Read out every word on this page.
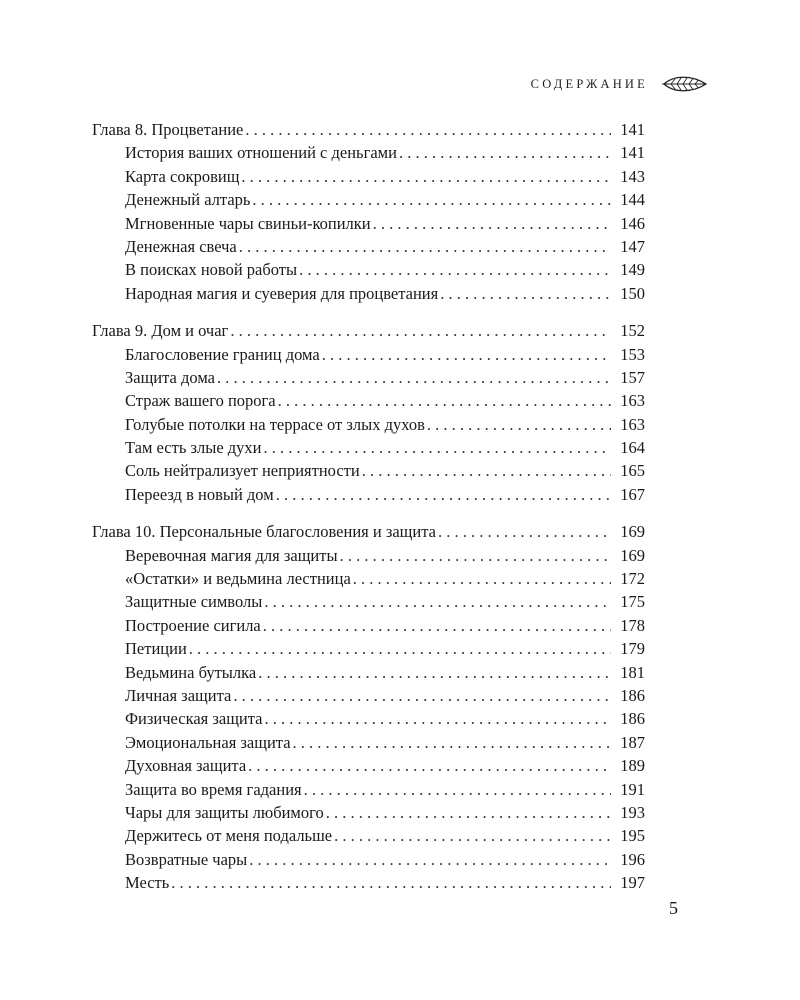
СОДЕРЖАНИЕ
Глава 8. Процветание . . .	141
История ваших отношений с деньгами . . .	141
Карта сокровищ . . .	143
Денежный алтарь . . .	144
Мгновенные чары свиньи-копилки . . .	146
Денежная свеча . . .	147
В поисках новой работы . . .	149
Народная магия и суеверия для процветания . . .	150
Глава 9. Дом и очаг . . .	152
Благословение границ дома . . .	153
Защита дома . . .	157
Страж вашего порога . . .	163
Голубые потолки на террасе от злых духов . . .	163
Там есть злые духи . . .	164
Соль нейтрализует неприятности . . .	165
Переезд в новый дом . . .	167
Глава 10. Персональные благословения и защита . . .	169
Веревочная магия для защиты . . .	169
«Остатки» и ведьмина лестница . . .	172
Защитные символы . . .	175
Построение сигила . . .	178
Петиции . . .	179
Ведьмина бутылка . . .	181
Личная защита . . .	186
Физическая защита . . .	186
Эмоциональная защита . . .	187
Духовная защита . . .	189
Защита во время гадания . . .	191
Чары для защиты любимого . . .	193
Держитесь от меня подальше . . .	195
Возвратные чары . . .	196
Месть . . .	197
5
